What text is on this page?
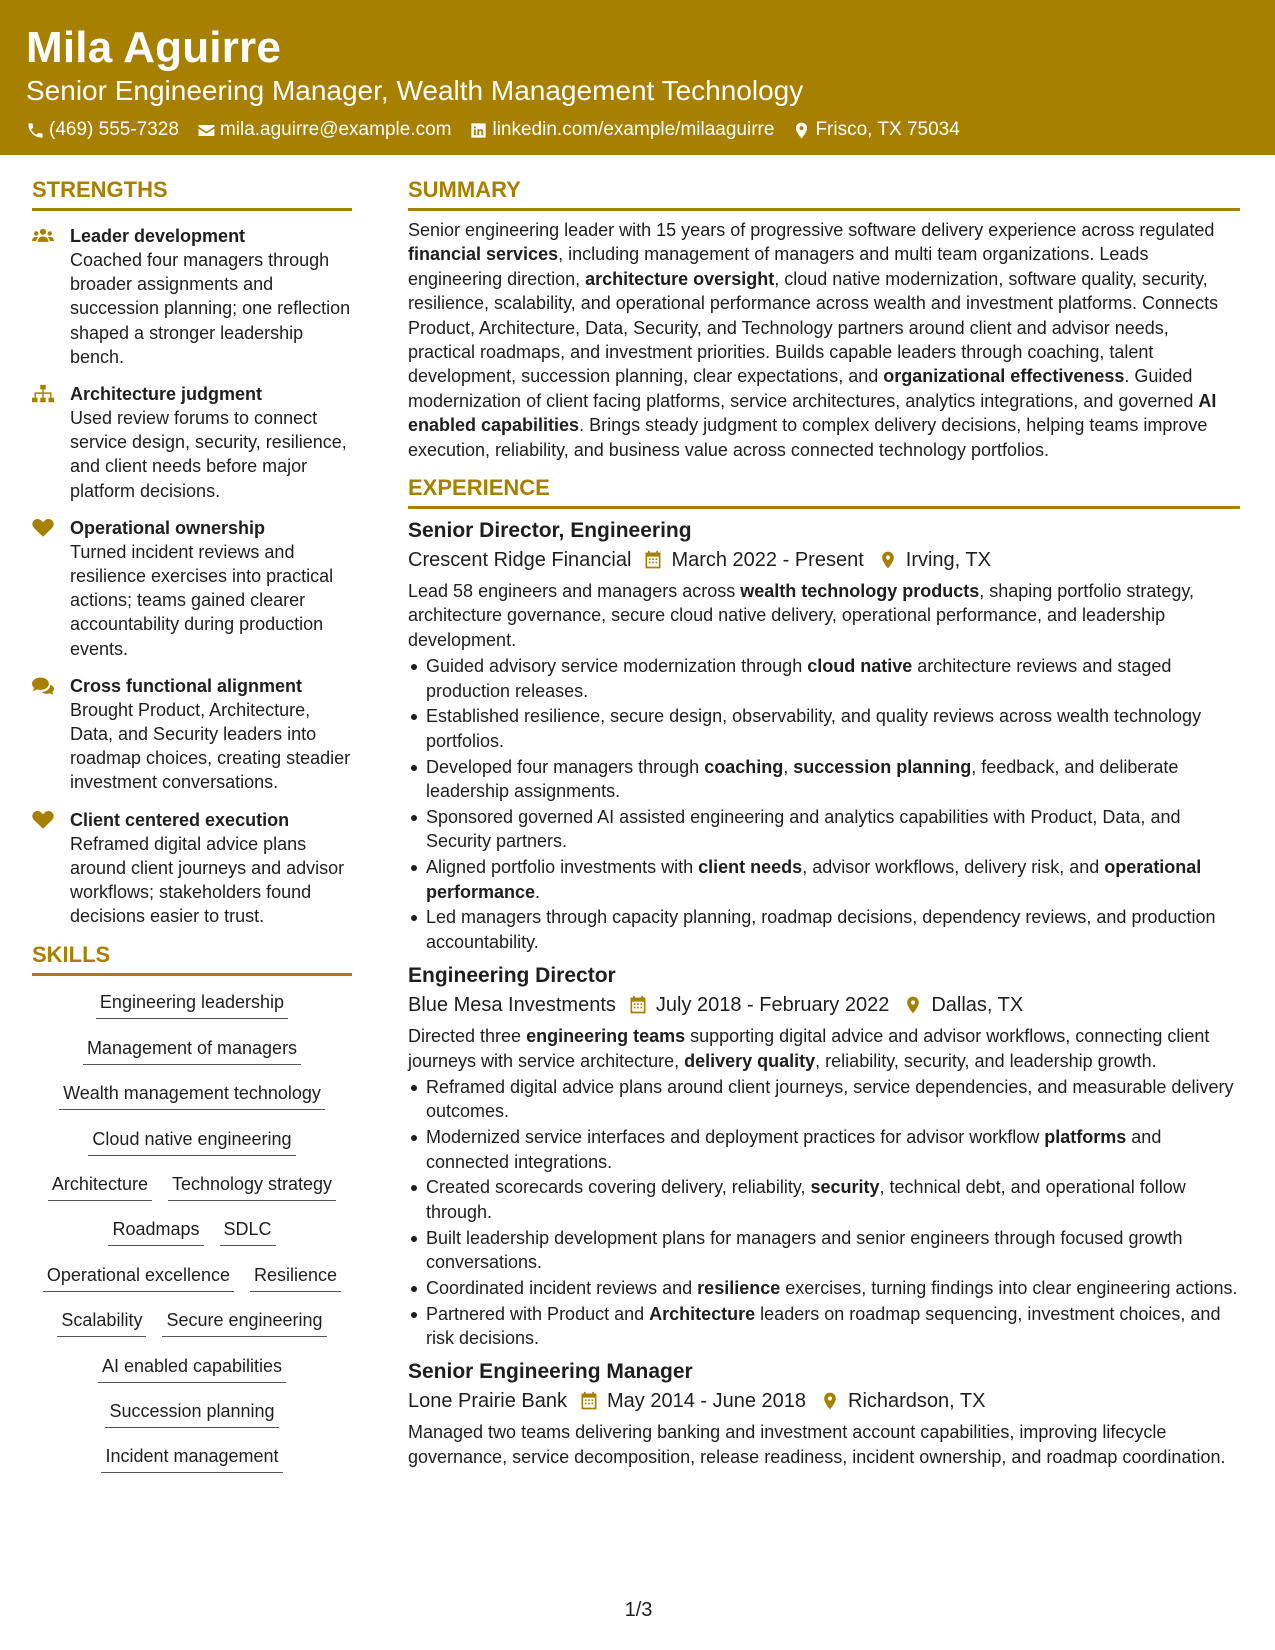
Mila Aguirre
Senior Engineering Manager, Wealth Management Technology
(469) 555-7328 mila.aguirre@example.com linkedin.com/example/milaaguirre Frisco, TX 75034
STRENGTHS
Leader development
Coached four managers through broader assignments and succession planning; one reflection shaped a stronger leadership bench.
Architecture judgment
Used review forums to connect service design, security, resilience, and client needs before major platform decisions.
Operational ownership
Turned incident reviews and resilience exercises into practical actions; teams gained clearer accountability during production events.
Cross functional alignment
Brought Product, Architecture, Data, and Security leaders into roadmap choices, creating steadier investment conversations.
Client centered execution
Reframed digital advice plans around client journeys and advisor workflows; stakeholders found decisions easier to trust.
SKILLS
Engineering leadership
Management of managers
Wealth management technology
Cloud native engineering
Architecture Technology strategy
Roadmaps SDLC
Operational excellence Resilience
Scalability Secure engineering
AI enabled capabilities
Succession planning
Incident management
SUMMARY
Senior engineering leader with 15 years of progressive software delivery experience across regulated financial services, including management of managers and multi team organizations. Leads engineering direction, architecture oversight, cloud native modernization, software quality, security, resilience, scalability, and operational performance across wealth and investment platforms. Connects Product, Architecture, Data, Security, and Technology partners around client and advisor needs, practical roadmaps, and investment priorities. Builds capable leaders through coaching, talent development, succession planning, clear expectations, and organizational effectiveness. Guided modernization of client facing platforms, service architectures, analytics integrations, and governed AI enabled capabilities. Brings steady judgment to complex delivery decisions, helping teams improve execution, reliability, and business value across connected technology portfolios.
EXPERIENCE
Senior Director, Engineering
Crescent Ridge Financial March 2022 - Present Irving, TX
Lead 58 engineers and managers across wealth technology products, shaping portfolio strategy, architecture governance, secure cloud native delivery, operational performance, and leadership development.
Guided advisory service modernization through cloud native architecture reviews and staged production releases.
Established resilience, secure design, observability, and quality reviews across wealth technology portfolios.
Developed four managers through coaching, succession planning, feedback, and deliberate leadership assignments.
Sponsored governed AI assisted engineering and analytics capabilities with Product, Data, and Security partners.
Aligned portfolio investments with client needs, advisor workflows, delivery risk, and operational performance.
Led managers through capacity planning, roadmap decisions, dependency reviews, and production accountability.
Engineering Director
Blue Mesa Investments July 2018 - February 2022 Dallas, TX
Directed three engineering teams supporting digital advice and advisor workflows, connecting client journeys with service architecture, delivery quality, reliability, security, and leadership growth.
Reframed digital advice plans around client journeys, service dependencies, and measurable delivery outcomes.
Modernized service interfaces and deployment practices for advisor workflow platforms and connected integrations.
Created scorecards covering delivery, reliability, security, technical debt, and operational follow through.
Built leadership development plans for managers and senior engineers through focused growth conversations.
Coordinated incident reviews and resilience exercises, turning findings into clear engineering actions.
Partnered with Product and Architecture leaders on roadmap sequencing, investment choices, and risk decisions.
Senior Engineering Manager
Lone Prairie Bank May 2014 - June 2018 Richardson, TX
Managed two teams delivering banking and investment account capabilities, improving lifecycle governance, service decomposition, release readiness, incident ownership, and roadmap coordination.
1/3
